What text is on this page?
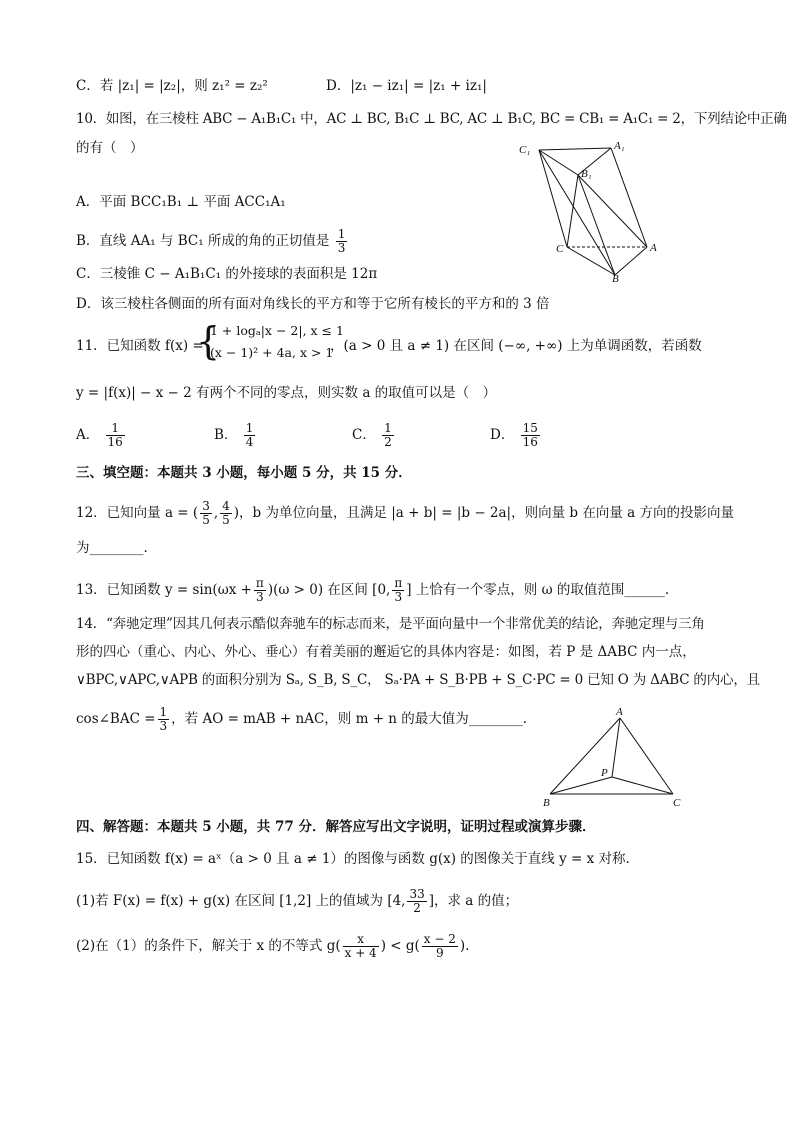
C．若 |z₁| = |z₂|，则 z₁² = z₂²	D．|z₁ − iz₁| = |z₁ + iz₁|
10．如图，在三棱柱 ABC − A₁B₁C₁ 中，AC ⊥ BC, B₁C ⊥ BC, AC ⊥ B₁C, BC = CB₁ = A₁C₁ = 2，下列结论中正确
的有（　）
A．平面 BCC₁B₁ ⊥ 平面 ACC₁A₁
B．直线 AA₁ 与 BC₁ 所成的角的正切值是 $\frac{1}{3}$
C．三棱锥 C − A₁B₁C₁ 的外接球的表面积是 12π
D．该三棱柱各侧面的所有面对角线长的平方和等于它所有棱长的平方和的 3 倍
C₁	A₁
B₁
C	A
B
11．已知函数 f(x) =
{
1 + logₐ|x − 2|, x ≤ 1
(x − 1)² + 4a, x > 1
，(a > 0 且 a ≠ 1) 在区间 (−∞, +∞) 上为单调函数，若函数
y = |f(x)| − x − 2 有两个不同的零点，则实数 a 的取值可以是（　）
A． $\frac{1}{16}$	B． $\frac{1}{4}$	C． $\frac{1}{2}$	D． $\frac{15}{16}$
三、填空题：本题共 3 小题，每小题 5 分，共 15 分．
12．已知向量 a = ( $\frac{3}{5}$ , $\frac{4}{5}$ )，b 为单位向量，且满足 |a + b| = |b − 2a|，则向量 b 在向量 a 方向的投影向量
为________.
13．已知函数 $y = \sin(\omega x + \frac{\pi}{3} )(\omega > 0)$ 在区间 [0, $\frac{\pi}{3}$ ] 上恰有一个零点，则 ω 的取值范围______.
14．“奔驰定理”因其几何表示酷似奔驰车的标志而来，是平面向量中一个非常优美的结论，奔驰定理与三角
形的四心（重心、内心、外心、垂心）有着美丽的邂逅它的具体内容是：如图，若 P 是 ΔABC 内一点，
∨BPC,∨APC,∨APB 的面积分别为 Sₐ, S_B, S_C， Sₐ·PA + S_B·PB + S_C·PC = 0 已知 O 为 ΔABC 的内心，且
cos∠BAC = $\frac{1}{3}$ ，若 AO = mAB + nAC，则 m + n 的最大值为________.	A
P
B	C
四、解答题：本题共 5 小题，共 77 分．解答应写出文字说明，证明过程或演算步骤．
15．已知函数 f(x) = aˣ（a > 0 且 a ≠ 1）的图像与函数 g(x) 的图像关于直线 y = x 对称.
(1)若 F(x) = f(x) + g(x) 在区间 [1,2] 上的值域为 [4, $\frac{33}{2}$ ]，求 a 的值；
(2)在（1）的条件下，解关于 x 的不等式 $g( \frac{x}{x + 4}$ ) < $g( \frac{x - 2}{9}$ ).
